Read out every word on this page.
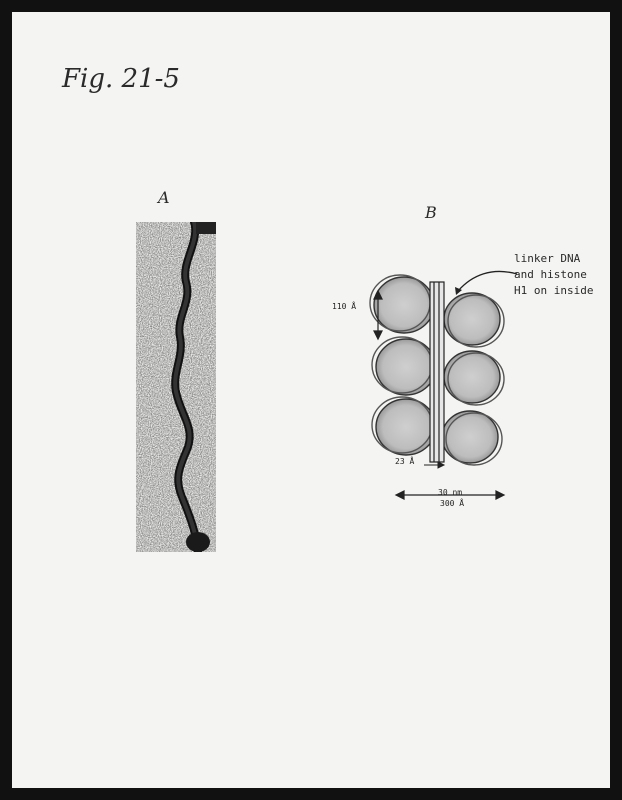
Fig. 21-5
A
B
110 Å
23 Å
30 nm
300 Å
linker DNA
and histone
H1 on inside
